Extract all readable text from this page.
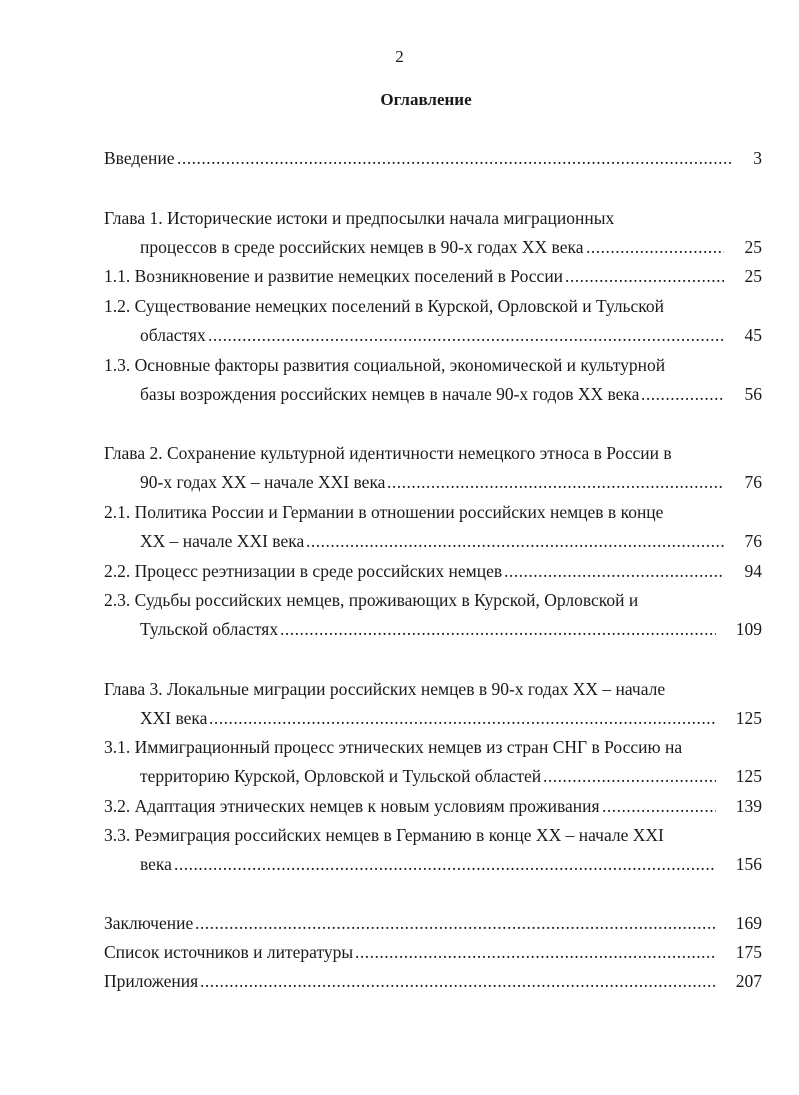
2
Оглавление
Введение	3
.....
Глава 1. Исторические истоки и предпосылки начала миграционных
процессов в среде российских немцев в 90-х годах XX века	25
.....
1.1. Возникновение и развитие немецких поселений в России	25
.....
1.2. Существование немецких поселений в Курской, Орловской и Тульской
областях	45
.....
1.3. Основные факторы развития социальной, экономической и культурной
базы возрождения российских немцев в начале 90-х годов XX века	56
.....
Глава 2. Сохранение культурной идентичности немецкого этноса в России в
90-х годах XX – начале XXI века	76
.....
2.1. Политика России и Германии в отношении российских немцев в конце
XX – начале XXI века	76
.....
2.2. Процесс реэтнизации в среде российских немцев	94
.....
2.3. Судьбы российских немцев, проживающих в Курской, Орловской и
Тульской областях	109
.....
Глава 3. Локальные миграции российских немцев в 90-х годах XX – начале
XXI века	125
.....
3.1. Иммиграционный процесс этнических немцев из стран СНГ в Россию на
территорию Курской, Орловской и Тульской областей	125
.....
3.2. Адаптация этнических немцев к новым условиям проживания	139
.....
3.3. Реэмиграция российских немцев в Германию в конце XX – начале XXI
века	156
.....
Заключение	169
.....
Список источников и литературы	175
.....
Приложения	207
.....
